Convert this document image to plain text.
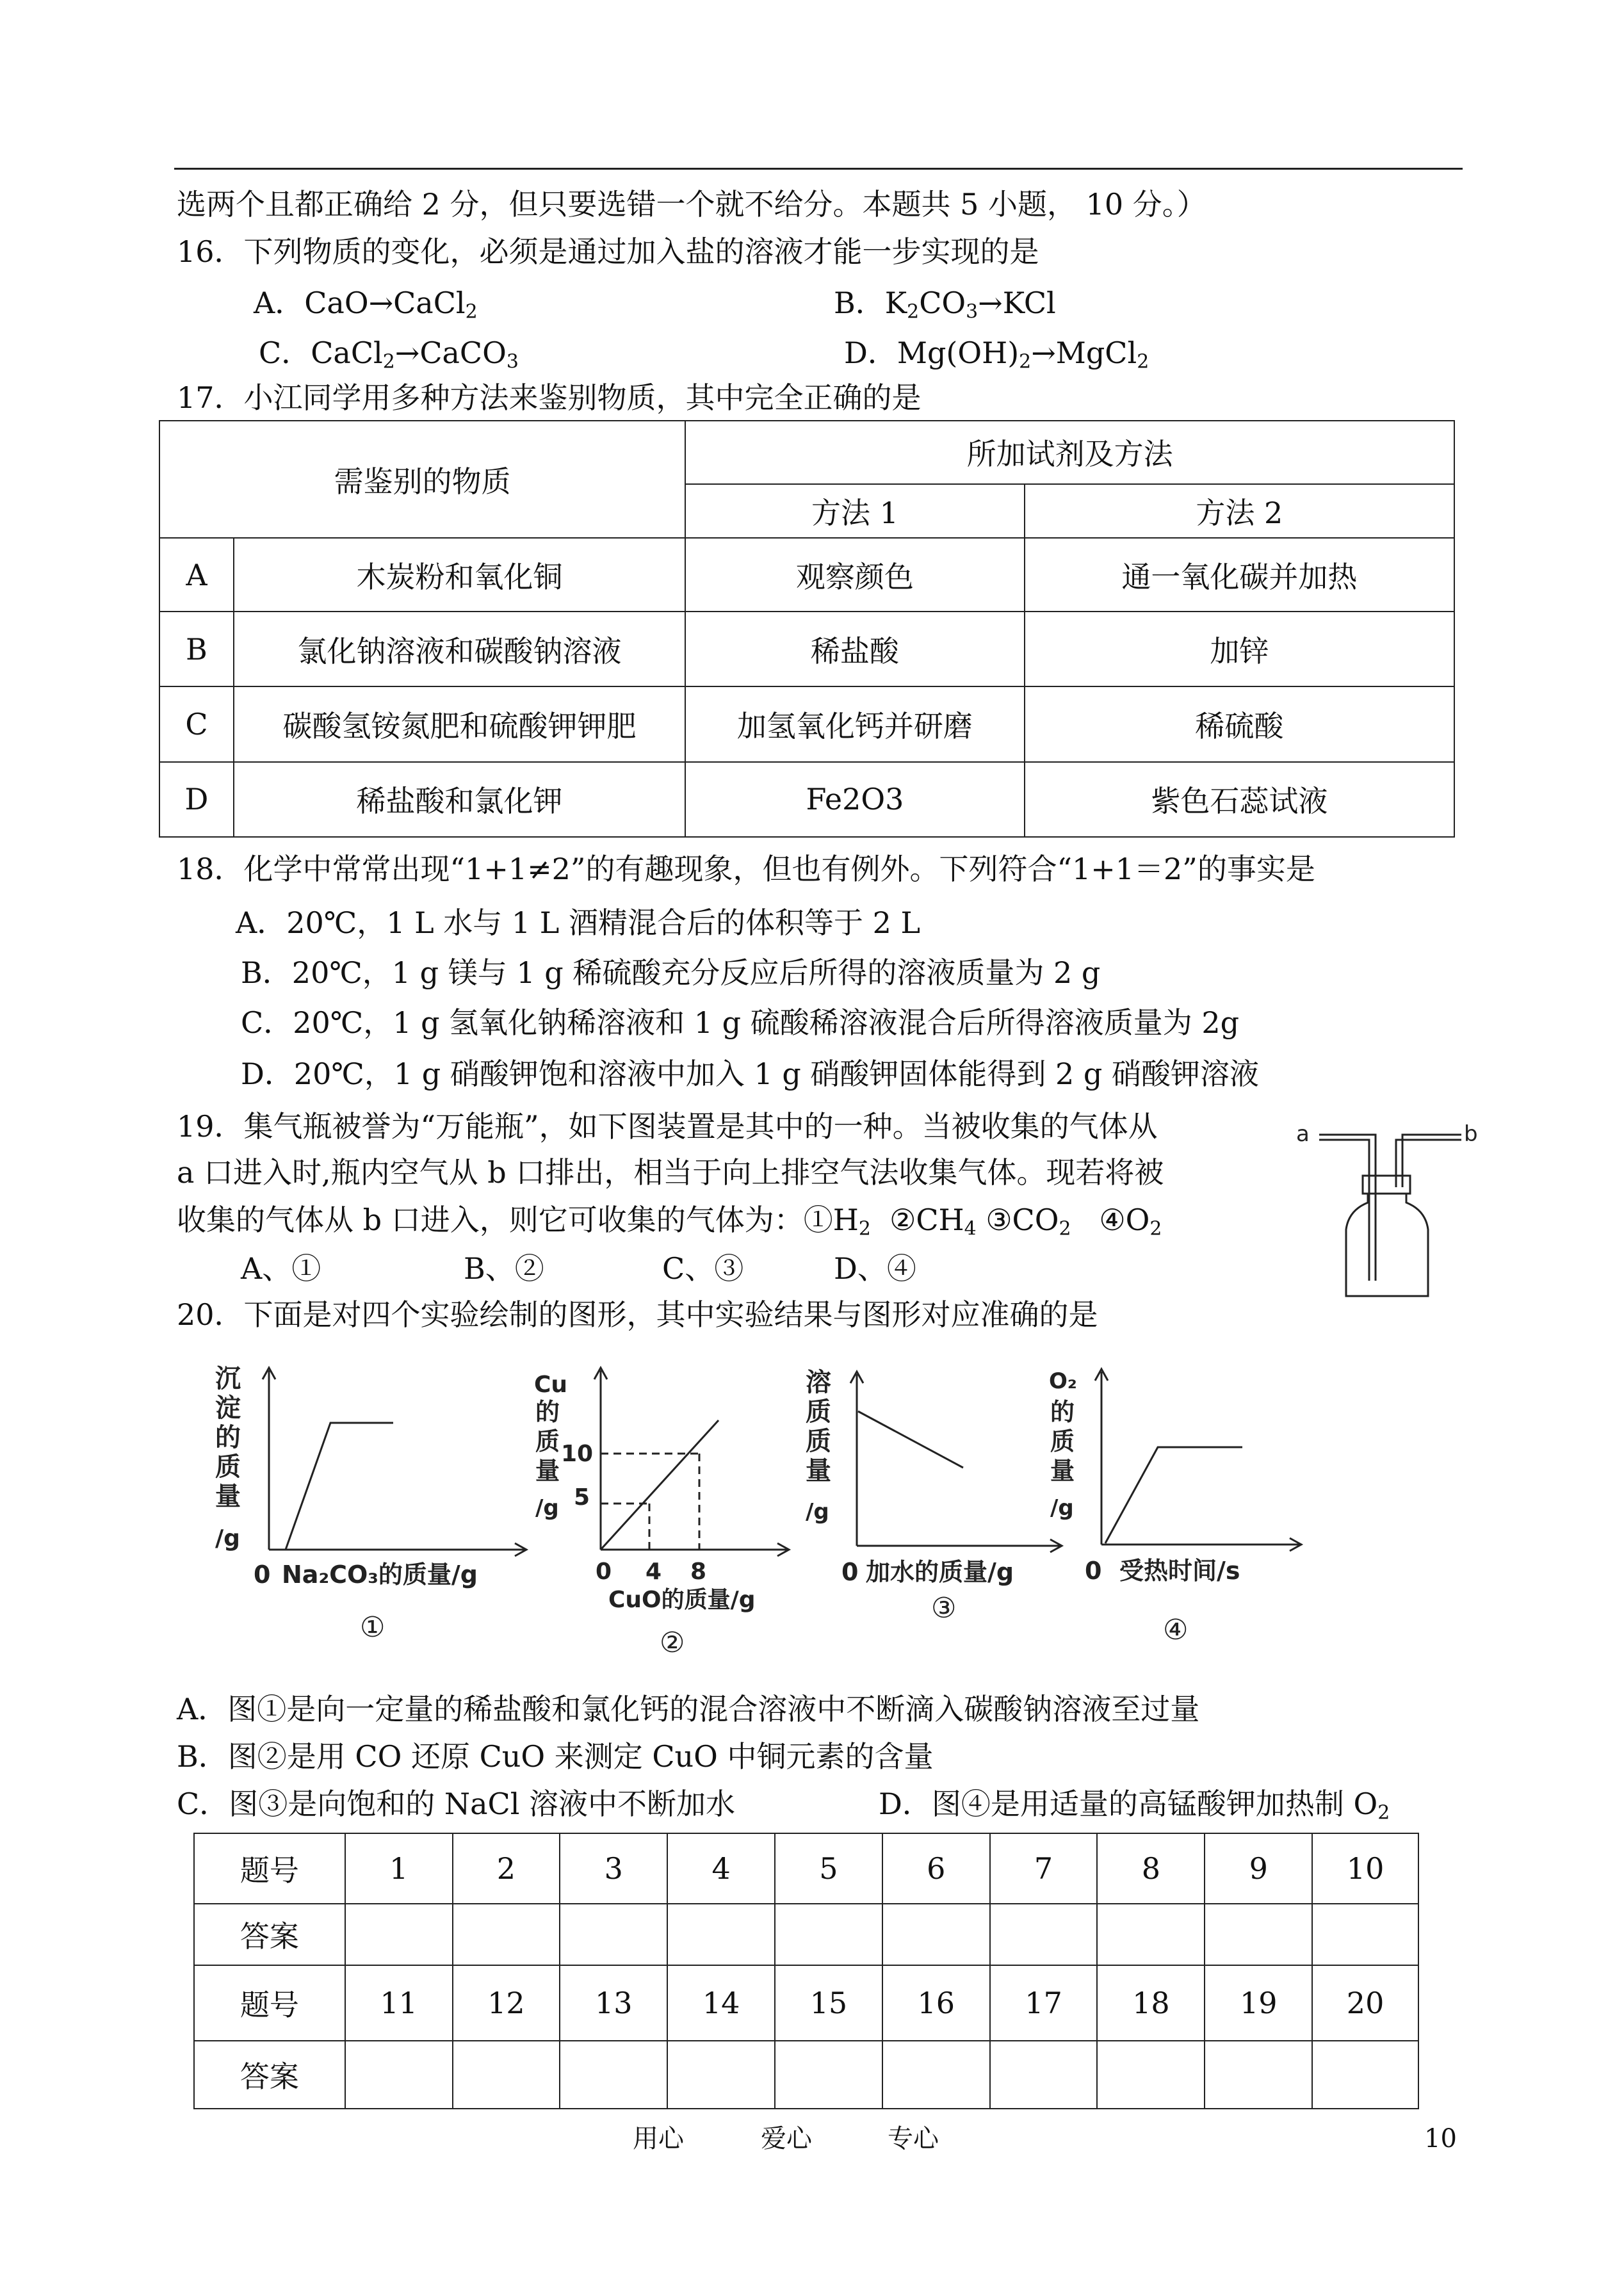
选两个且都正确给 2 分，但只要选错一个就不给分。本题共 5 小题， 10 分。）
16．下列物质的变化，必须是通过加入盐的溶液才能一步实现的是
A．CaO→CaCl$_2$	B．$K_2CO_3\to KCl$
C．CaCl$_2$→CaCO$_3$	D．$Mg(OH)_2\to MgCl_2$
17．小江同学用多种方法来鉴别物质，其中完全正确的是
需鉴别的物质		所加试剂及方法	
		方法 1	方法 2
A	木炭粉和氧化铜	观察颜色	通一氧化碳并加热
B	氯化钠溶液和碳酸钠溶液	稀盐酸	加锌
C	碳酸氢铵氮肥和硫酸钾钾肥	加氢氧化钙并研磨	稀硫酸
D	稀盐酸和氯化钾	Fe2O3	紫色石蕊试液
18．化学中常常出现“1+1≠2”的有趣现象，但也有例外。下列符合“1+1＝2”的事实是
A．20℃，1 L 水与 1 L 酒精混合后的体积等于 2 L
B．20℃，1 g 镁与 1 g 稀硫酸充分反应后所得的溶液质量为 2 g
C．20℃，1 g 氢氧化钠稀溶液和 1 g 硫酸稀溶液混合后所得溶液质量为 2g
D．20℃，1 g 硝酸钾饱和溶液中加入 1 g 硝酸钾固体能得到 2 g 硝酸钾溶液
19．集气瓶被誉为“万能瓶”，如下图装置是其中的一种。当被收集的气体从
a 口进入时,瓶内空气从 b 口排出，相当于向上排空气法收集气体。现若将被
收集的气体从 b 口进入，则它可收集的气体为：$①H_2$ $②CH_4$ $③CO_2$ $④O_2$
A、①	B、②	C、③	D、④
a	b
20．下面是对四个实验绘制的图形，其中实验结果与图形对应准确的是
沉
淀
的
质
量
/g
0 Na₂CO₃的质量/g
①
Cu
的
质
量
/g
10
5
0 4 8
CuO的质量/g
②
溶
质
质
量
/g
0 加水的质量/g
③
O₂
的
质
量
/g
0 受热时间/s
④
A．图①是向一定量的稀盐酸和氯化钙的混合溶液中不断滴入碳酸钠溶液至过量
B．图②是用 CO 还原 CuO 来测定 CuO 中铜元素的含量
C．图③是向饱和的 NaCl 溶液中不断加水	D．图④是用适量的高锰酸钾加热制 $O_2$
题号	1	2	3	4	5	6	7	8	9	10
答案										
题号	11	12	13	14	15	16	17	18	19	20
答案										
用心	爱心	专心	10
